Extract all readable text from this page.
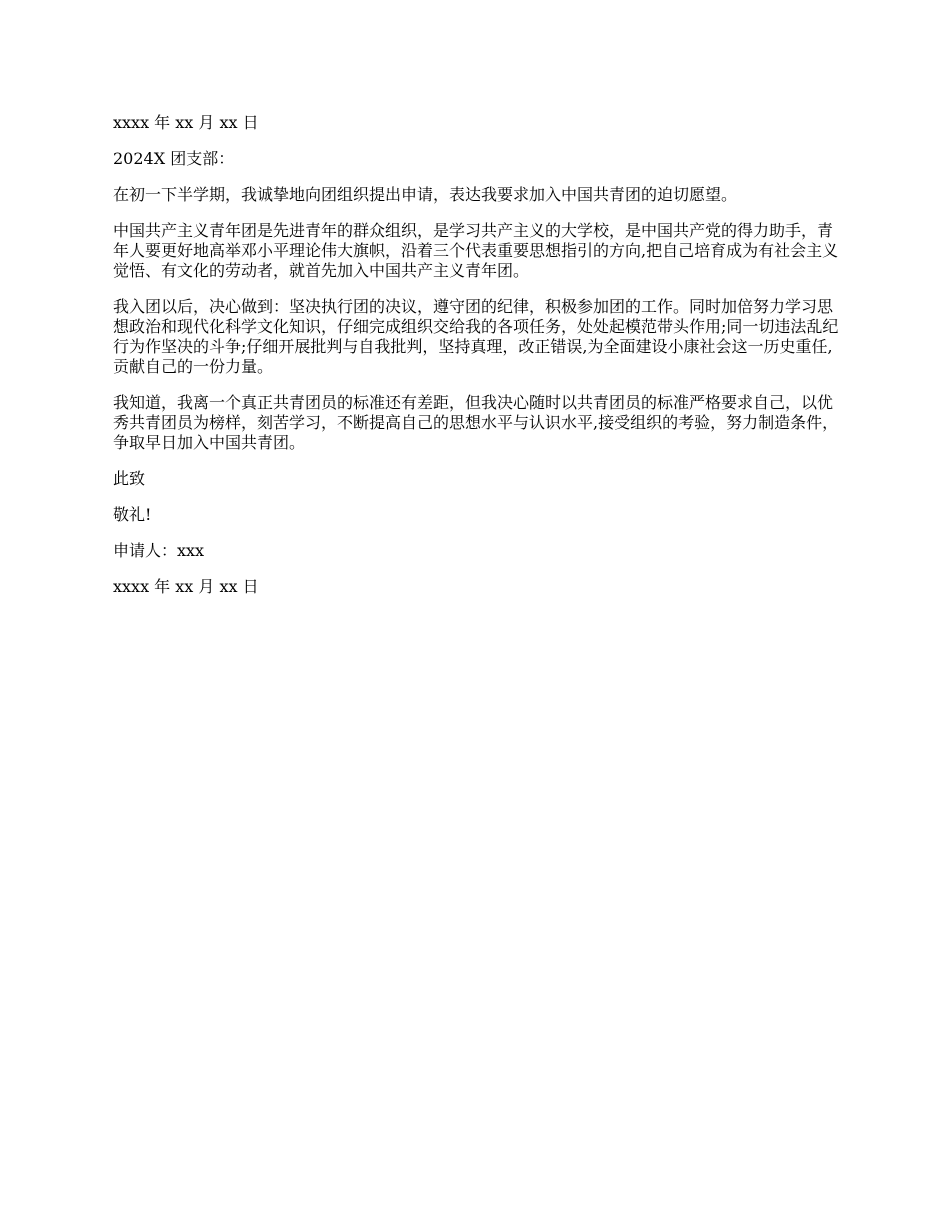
xxxx 年 xx 月 xx 日

2024X 团支部：

在初一下半学期，我诚挚地向团组织提出申请，表达我要求加入中国共青团的迫切愿望。

中国共产主义青年团是先进青年的群众组织，是学习共产主义的大学校，是中国共产党的得力助手，青年人要更好地高举邓小平理论伟大旗帜，沿着三个代表重要思想指引的方向,把自己培育成为有社会主义觉悟、有文化的劳动者，就首先加入中国共产主义青年团。

我入团以后，决心做到：坚决执行团的决议，遵守团的纪律，积极参加团的工作。同时加倍努力学习思想政治和现代化科学文化知识，仔细完成组织交给我的各项任务，处处起模范带头作用;同一切违法乱纪行为作坚决的斗争;仔细开展批判与自我批判，坚持真理，改正错误,为全面建设小康社会这一历史重任,贡献自己的一份力量。

我知道，我离一个真正共青团员的标准还有差距，但我决心随时以共青团员的标准严格要求自己，以优秀共青团员为榜样，刻苦学习，不断提高自己的思想水平与认识水平,接受组织的考验，努力制造条件，争取早日加入中国共青团。

此致

敬礼!

申请人：xxx

xxxx 年 xx 月 xx 日
